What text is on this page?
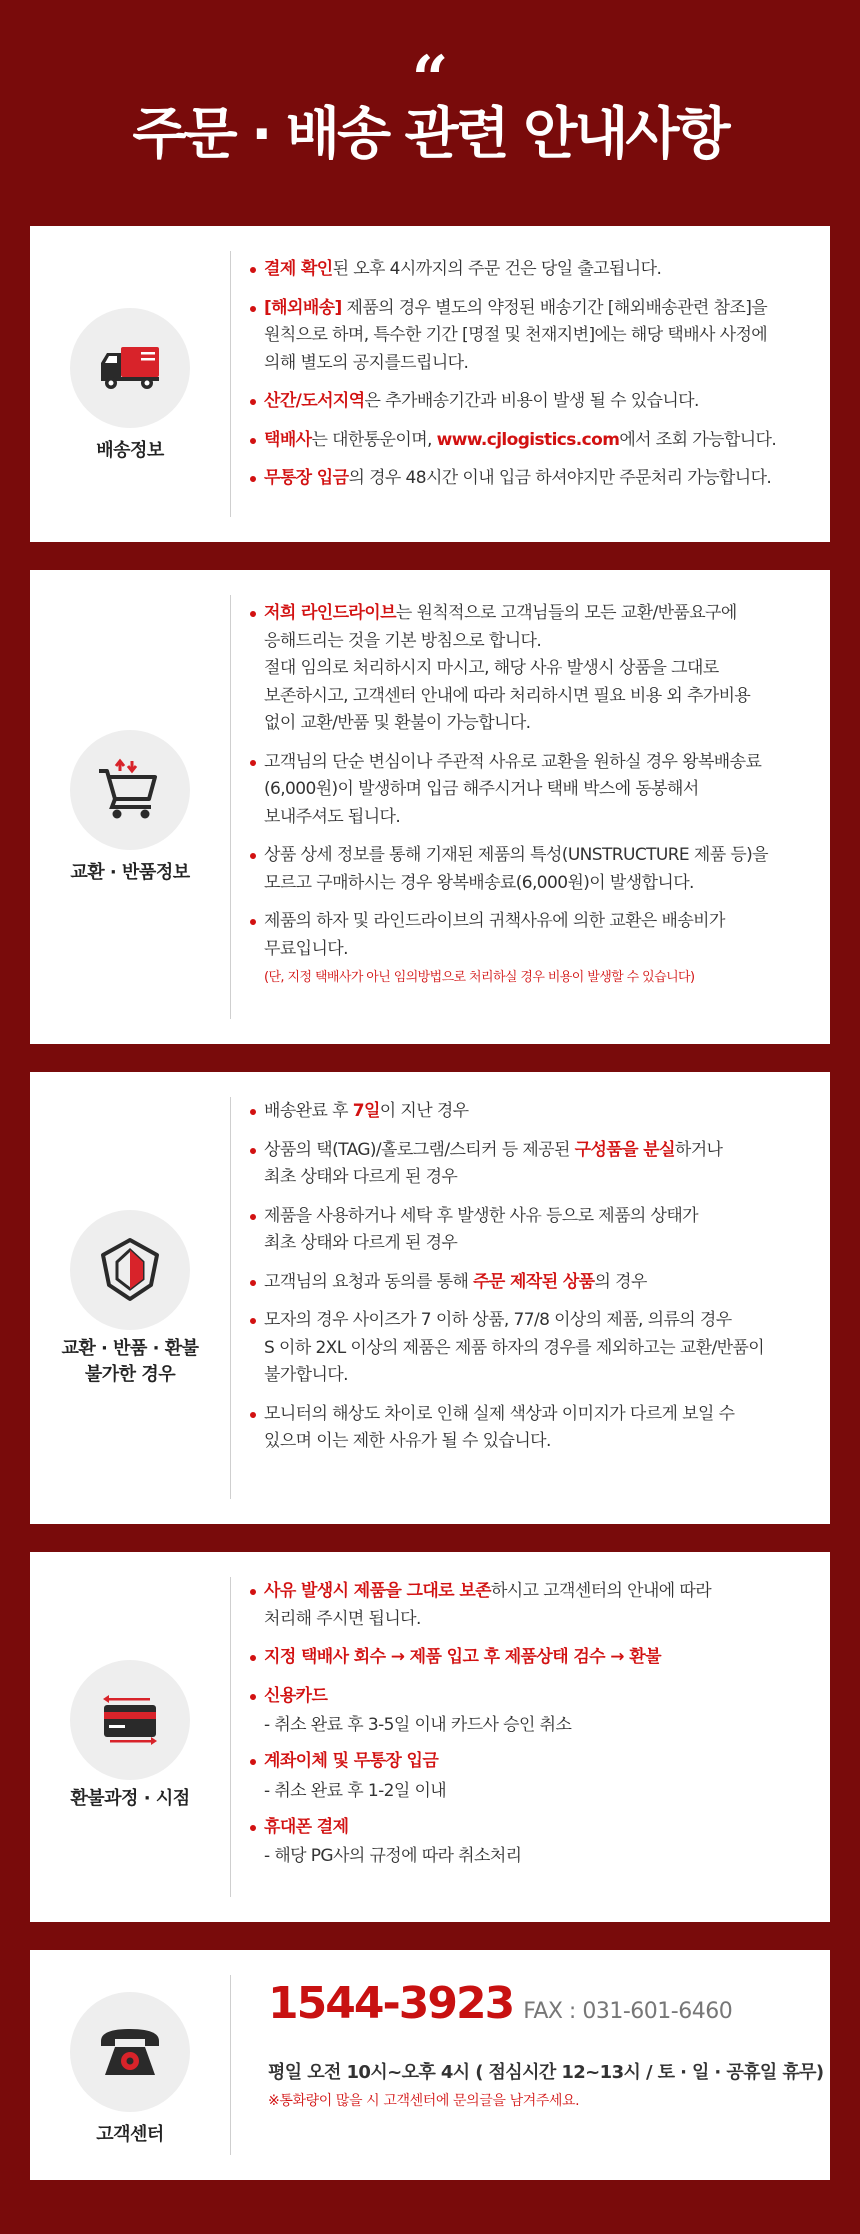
“
주문 · 배송 관련 안내사항
배송정보
결제 확인된 오후 4시까지의 주문 건은 당일 출고됩니다.
[해외배송] 제품의 경우 별도의 약정된 배송기간 [해외배송관련 참조]을
원칙으로 하며, 특수한 기간 [명절 및 천재지변]에는 해당 택배사 사정에
의해 별도의 공지를드립니다.
산간/도서지역은 추가배송기간과 비용이 발생 될 수 있습니다.
택배사는 대한통운이며, www.cjlogistics.com에서 조회 가능합니다.
무통장 입금의 경우 48시간 이내 입금 하셔야지만 주문처리 가능합니다.
교환 · 반품정보
저희 라인드라이브는 원칙적으로 고객님들의 모든 교환/반품요구에
응해드리는 것을 기본 방침으로 합니다.
절대 임의로 처리하시지 마시고, 해당 사유 발생시 상품을 그대로
보존하시고, 고객센터 안내에 따라 처리하시면 필요 비용 외 추가비용
없이 교환/반품 및 환불이 가능합니다.
고객님의 단순 변심이나 주관적 사유로 교환을 원하실 경우 왕복배송료
(6,000원)이 발생하며 입금 해주시거나 택배 박스에 동봉해서
보내주셔도 됩니다.
상품 상세 정보를 통해 기재된 제품의 특성(UNSTRUCTURE 제품 등)을
모르고 구매하시는 경우 왕복배송료(6,000원)이 발생합니다.
제품의 하자 및 라인드라이브의 귀책사유에 의한 교환은 배송비가
무료입니다.
(단, 지정 택배사가 아닌 임의방법으로 처리하실 경우 비용이 발생할 수 있습니다)
교환 · 반품 · 환불
불가한 경우
배송완료 후 7일이 지난 경우
상품의 택(TAG)/홀로그램/스티커 등 제공된 구성품을 분실하거나
최초 상태와 다르게 된 경우
제품을 사용하거나 세탁 후 발생한 사유 등으로 제품의 상태가
최초 상태와 다르게 된 경우
고객님의 요청과 동의를 통해 주문 제작된 상품의 경우
모자의 경우 사이즈가 7 이하 상품, 77/8 이상의 제품, 의류의 경우
S 이하 2XL 이상의 제품은 제품 하자의 경우를 제외하고는 교환/반품이
불가합니다.
모니터의 해상도 차이로 인해 실제 색상과 이미지가 다르게 보일 수
있으며 이는 제한 사유가 될 수 있습니다.
환불과정 · 시점
사유 발생시 제품을 그대로 보존하시고 고객센터의 안내에 따라
처리해 주시면 됩니다.
지정 택배사 회수 → 제품 입고 후 제품상태 검수 → 환불
신용카드
- 취소 완료 후 3-5일 이내 카드사 승인 취소
계좌이체 및 무통장 입금
- 취소 완료 후 1-2일 이내
휴대폰 결제
- 해당 PG사의 규정에 따라 취소처리
고객센터
1544-3923 FAX : 031-601-6460
평일 오전 10시~오후 4시 ( 점심시간 12~13시 / 토 · 일 · 공휴일 휴무)
※통화량이 많을 시 고객센터에 문의글을 남겨주세요.
